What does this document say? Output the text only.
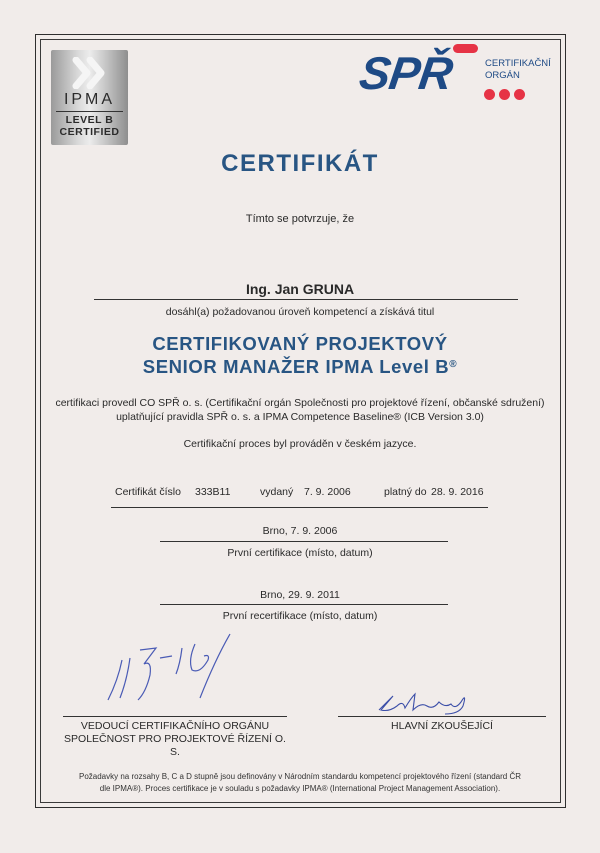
IPMA
LEVEL B
CERTIFIED
SPŘ	CERTIFIKAČNÍ
ORGÁN
CERTIFIKÁT
Tímto se potvrzuje, že
Ing. Jan GRUNA
dosáhl(a) požadovanou úroveň kompetencí a získává titul
CERTIFIKOVANÝ PROJEKTOVÝ
SENIOR MANAŽER IPMA Level B®
certifikaci provedl CO SPŘ o. s. (Certifikační orgán Společnosti pro projektové řízení, občanské sdružení)
uplatňující pravidla SPŘ o. s. a IPMA Competence Baseline® (ICB Version 3.0)
Certifikační proces byl prováděn v českém jazyce.
Certifikát číslo 333B11	vydaný 7. 9. 2006	platný do 28. 9. 2016
Brno, 7. 9. 2006
První certifikace (místo, datum)
Brno, 29. 9. 2011
První recertifikace (místo, datum)
VEDOUCÍ CERTIFIKAČNÍHO ORGÁNU
SPOLEČNOST PRO PROJEKTOVÉ ŘÍZENÍ O. S.
HLAVNÍ ZKOUŠEJÍCÍ
Požadavky na rozsahy B, C a D stupně jsou definovány v Národním standardu kompetencí projektového řízení (standard ČR
dle IPMA®). Proces certifikace je v souladu s požadavky IPMA® (International Project Management Association).
